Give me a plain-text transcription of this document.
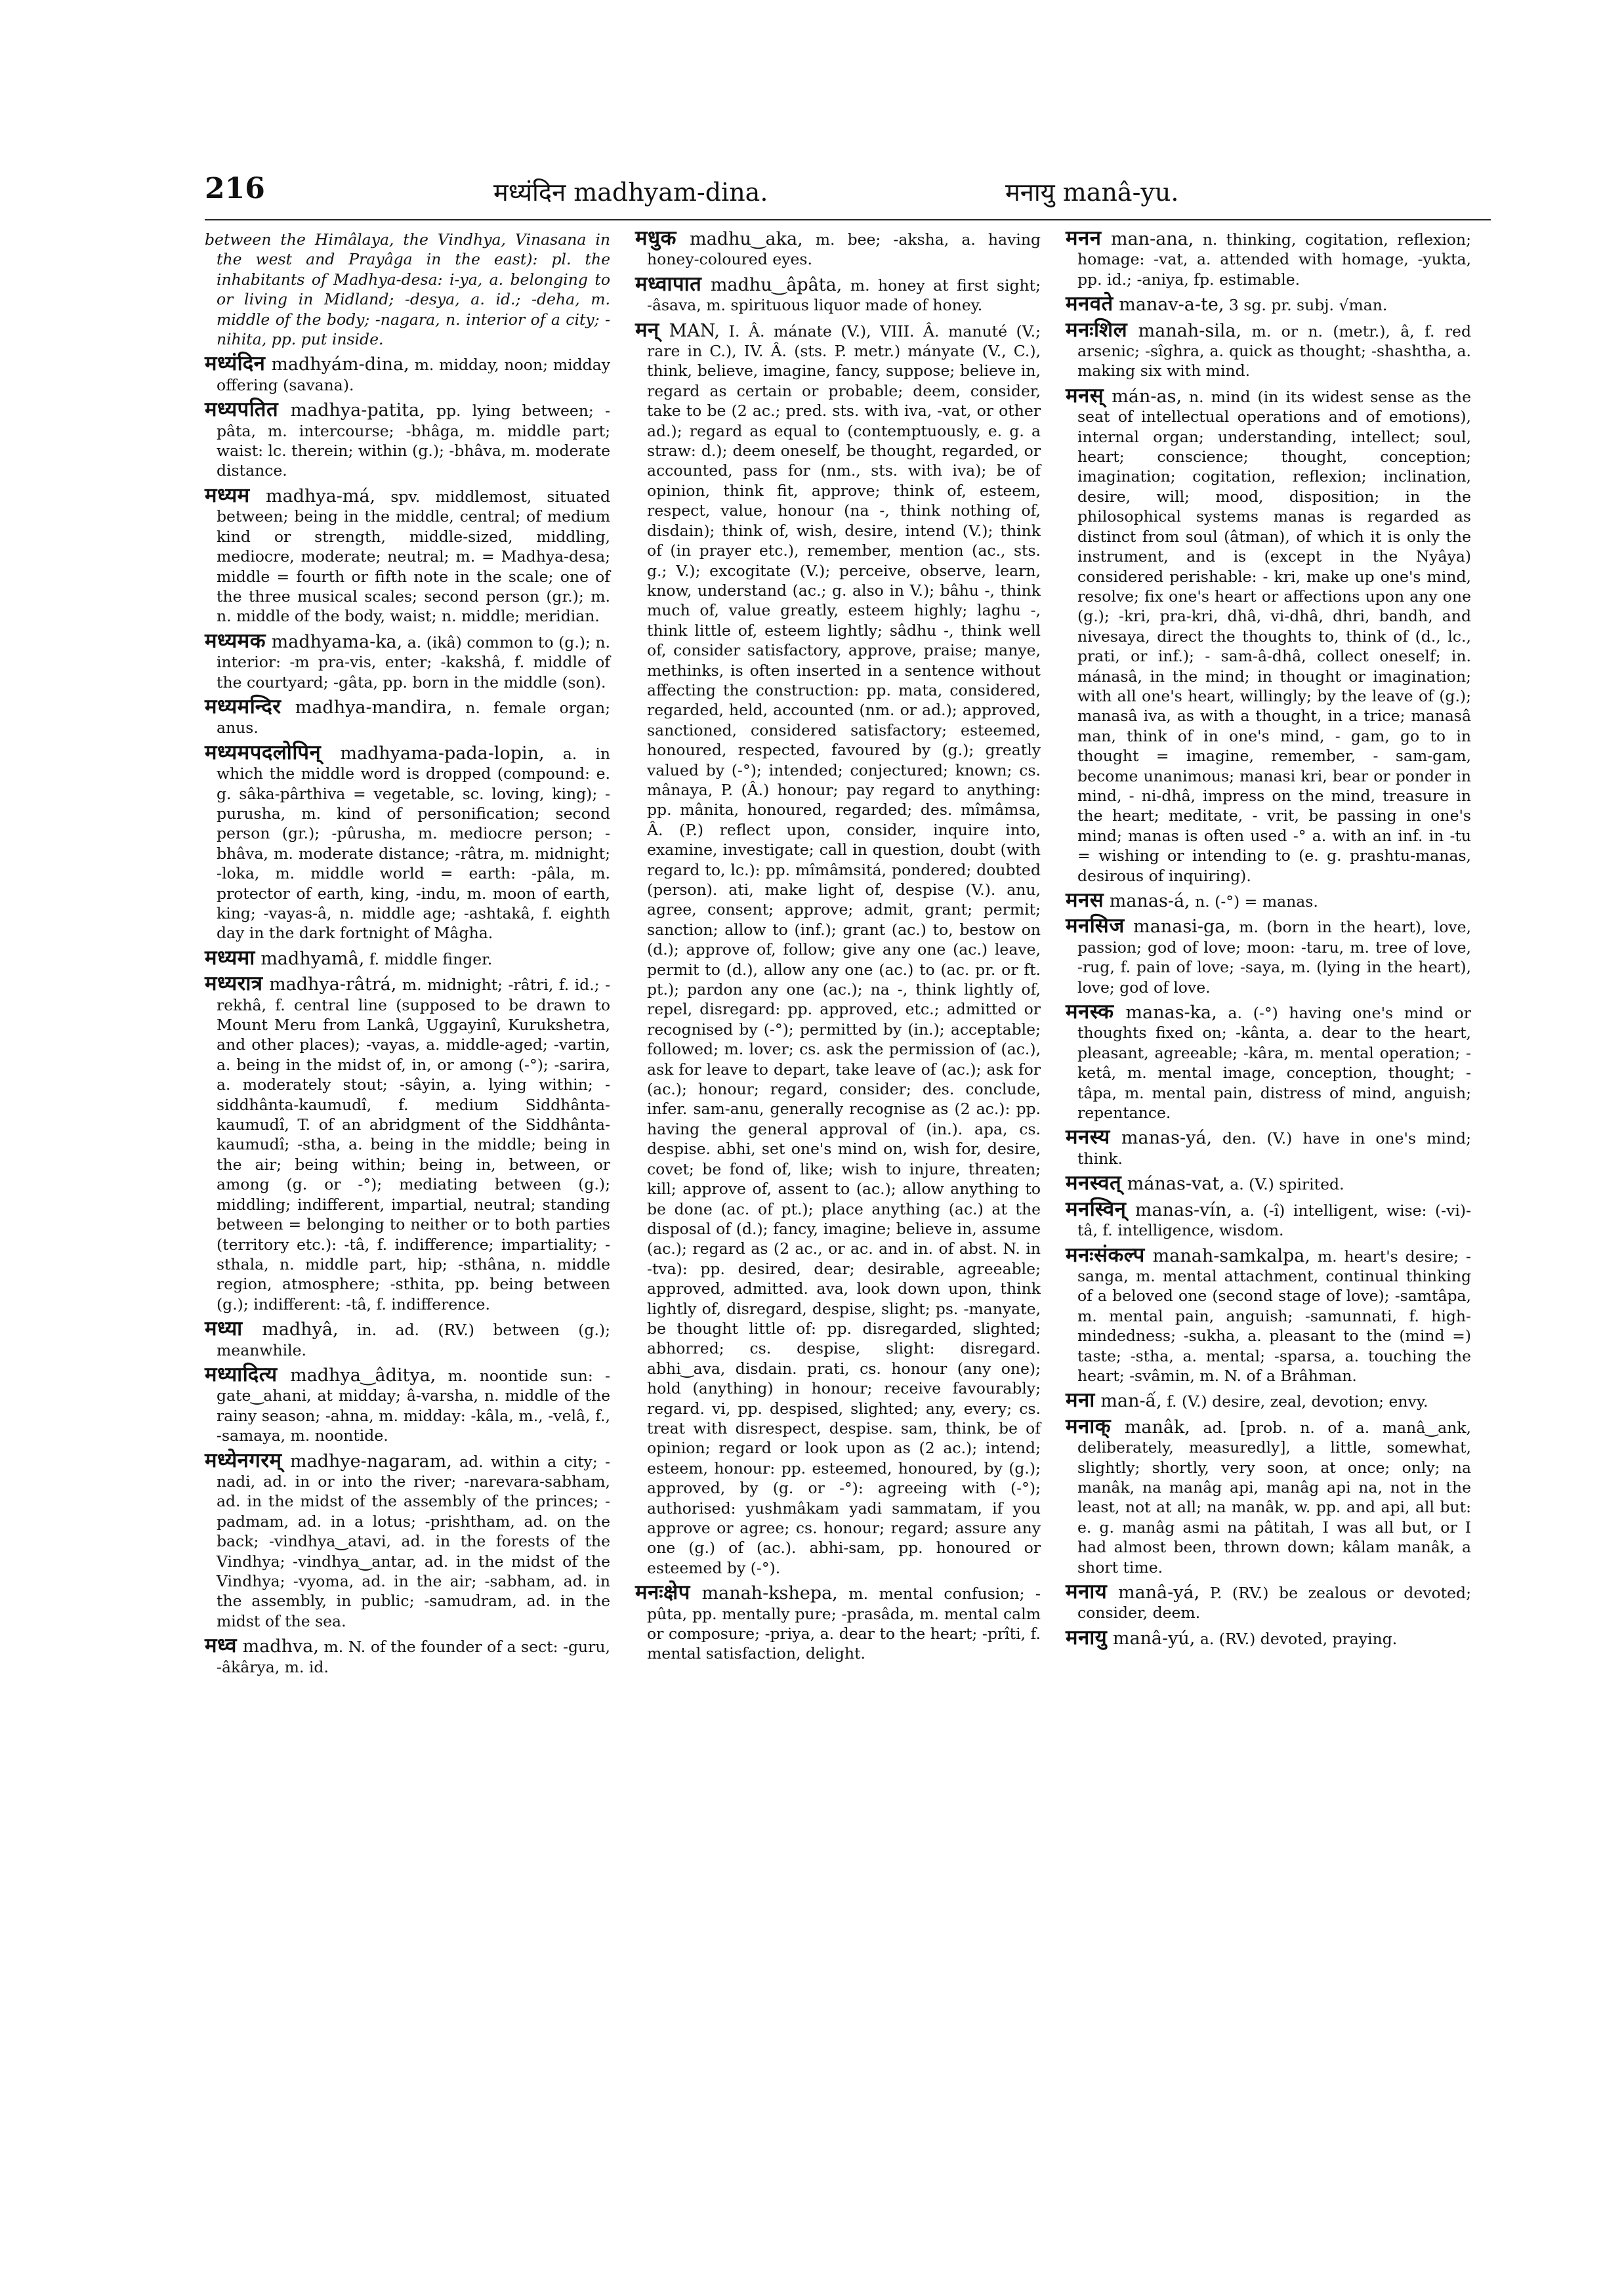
216	मध्यंदिन madhyam-dina.	मनायु manâ-yu.

between the Himâlaya, the Vindhya, Vinasana in the west and Prayâga in the east): pl. the inhabitants of Madhya-desa: i-ya, a. belonging to or living in Midland; -desya, a. id.; -deha, m. middle of the body; -nagara, n. interior of a city; -nihita, pp. put inside.

मध्यंदिन madhyám-dina, m. midday, noon; midday offering (savana).

मध्यपतित madhya-patita, pp. lying between; -pâta, m. intercourse; -bhâga, m. middle part; waist: lc. therein; within (g.); -bhâva, m. moderate distance.

मध्यम madhya-má, spv. middlemost, situated between; being in the middle, central; of medium kind or strength, middle-sized, middling, mediocre, moderate; neutral; m. = Madhya-desa; middle = fourth or fifth note in the scale; one of the three musical scales; second person (gr.); m. n. middle of the body, waist; n. middle; meridian.

मध्यमक madhyama-ka, a. (ikâ) common to (g.); n. interior: -m pra-vis, enter; -kakshâ, f. middle of the courtyard; -gâta, pp. born in the middle (son).

मध्यमन्दिर madhya-mandira, n. female organ; anus.

मध्यमपदलोपिन् madhyama-pada-lopin, a. in which the middle word is dropped (compound: e. g. sâka-pârthiva = vegetable, sc. loving, king); -purusha, m. kind of personification; second person (gr.); -pûrusha, m. mediocre person; -bhâva, m. moderate distance; -râtra, m. midnight; -loka, m. middle world = earth: -pâla, m. protector of earth, king, -indu, m. moon of earth, king; -vayas-â, n. middle age; -ashtakâ, f. eighth day in the dark fortnight of Mâgha.

मध्यमा madhyamâ, f. middle finger.

मध्यरात्र madhya-râtrá, m. midnight; -râtri, f. id.; -rekhâ, f. central line (supposed to be drawn to Mount Meru from Lankâ, Uggayinî, Kurukshetra, and other places); -vayas, a. middle-aged; -vartin, a. being in the midst of, in, or among (-°); -sarira, a. moderately stout; -sâyin, a. lying within; -siddhânta-kaumudî, f. medium Siddhânta-kaumudî, T. of an abridgment of the Siddhânta-kaumudî; -stha, a. being in the middle; being in the air; being within; being in, between, or among (g. or -°); mediating between (g.); middling; indifferent, impartial, neutral; standing between = belonging to neither or to both parties (territory etc.): -tâ, f. indifference; impartiality; -sthala, n. middle part, hip; -sthâna, n. middle region, atmosphere; -sthita, pp. being between (g.); indifferent: -tâ, f. indifference.

मध्या madhyâ, in. ad. (RV.) between (g.); meanwhile.

मध्यादित्य madhya‿âditya, m. noontide sun: -gate‿ahani, at midday; â-varsha, n. middle of the rainy season; -ahna, m. midday: -kâla, m., -velâ, f., -samaya, m. noontide.

मध्येनगरम् madhye-nagaram, ad. within a city; -nadi, ad. in or into the river; -narevara-sabham, ad. in the midst of the assembly of the princes; -padmam, ad. in a lotus; -prishtham, ad. on the back; -vindhya‿atavi, ad. in the forests of the Vindhya; -vindhya‿antar, ad. in the midst of the Vindhya; -vyoma, ad. in the air; -sabham, ad. in the assembly, in public; -samudram, ad. in the midst of the sea.

मध्व madhva, m. N. of the founder of a sect: -guru, -âkârya, m. id.

मधुक madhu‿aka, m. bee; -aksha, a. having honey-coloured eyes.

मध्वापात madhu‿âpâta, m. honey at first sight; -âsava, m. spirituous liquor made of honey.

मन् MAN, I. Â. mánate (V.), VIII. Â. manuté (V.; rare in C.), IV. Â. (sts. P. metr.) mányate (V., C.), think, believe, imagine, fancy, suppose; believe in, regard as certain or probable; deem, consider, take to be (2 ac.; pred. sts. with iva, -vat, or other ad.); regard as equal to (contemptuously, e. g. a straw: d.); deem oneself, be thought, regarded, or accounted, pass for (nm., sts. with iva); be of opinion, think fit, approve; think of, esteem, respect, value, honour (na -, think nothing of, disdain); think of, wish, desire, intend (V.); think of (in prayer etc.), remember, mention (ac., sts. g.; V.); excogitate (V.); perceive, observe, learn, know, understand (ac.; g. also in V.); bâhu -, think much of, value greatly, esteem highly; laghu -, think little of, esteem lightly; sâdhu -, think well of, consider satisfactory, approve, praise; manye, methinks, is often inserted in a sentence without affecting the construction: pp. mata, considered, regarded, held, accounted (nm. or ad.); approved, sanctioned, considered satisfactory; esteemed, honoured, respected, favoured by (g.); greatly valued by (-°); intended; conjectured; known; cs. mânaya, P. (Â.) honour; pay regard to anything: pp. mânita, honoured, regarded; des. mîmâmsa, Â. (P.) reflect upon, consider, inquire into, examine, investigate; call in question, doubt (with regard to, lc.): pp. mîmâmsitá, pondered; doubted (person). ati, make light of, despise (V.). anu, agree, consent; approve; admit, grant; permit; sanction; allow to (inf.); grant (ac.) to, bestow on (d.); approve of, follow; give any one (ac.) leave, permit to (d.), allow any one (ac.) to (ac. pr. or ft. pt.); pardon any one (ac.); na -, think lightly of, repel, disregard: pp. approved, etc.; admitted or recognised by (-°); permitted by (in.); acceptable; followed; m. lover; cs. ask the permission of (ac.), ask for leave to depart, take leave of (ac.); ask for (ac.); honour; regard, consider; des. conclude, infer. sam-anu, generally recognise as (2 ac.): pp. having the general approval of (in.). apa, cs. despise. abhi, set one's mind on, wish for, desire, covet; be fond of, like; wish to injure, threaten; kill; approve of, assent to (ac.); allow anything to be done (ac. of pt.); place anything (ac.) at the disposal of (d.); fancy, imagine; believe in, assume (ac.); regard as (2 ac., or ac. and in. of abst. N. in -tva): pp. desired, dear; desirable, agreeable; approved, admitted. ava, look down upon, think lightly of, disregard, despise, slight; ps. -manyate, be thought little of: pp. disregarded, slighted; abhorred; cs. despise, slight: disregard. abhi‿ava, disdain. prati, cs. honour (any one); hold (anything) in honour; receive favourably; regard. vi, pp. despised, slighted; any, every; cs. treat with disrespect, despise. sam, think, be of opinion; regard or look upon as (2 ac.); intend; esteem, honour: pp. esteemed, honoured, by (g.); approved, by (g. or -°): agreeing with (-°); authorised: yushmâkam yadi sammatam, if you approve or agree; cs. honour; regard; assure any one (g.) of (ac.). abhi-sam, pp. honoured or esteemed by (-°).

मनःक्षेप manah-kshepa, m. mental confusion; -pûta, pp. mentally pure; -prasâda, m. mental calm or composure; -priya, a. dear to the heart; -prîti, f. mental satisfaction, delight.

मनन man-ana, n. thinking, cogitation, reflexion; homage: -vat, a. attended with homage, -yukta, pp. id.; -aniya, fp. estimable.

मनवते manav-a-te, 3 sg. pr. subj. √man.

मनःशिल manah-sila, m. or n. (metr.), â, f. red arsenic; -sîghra, a. quick as thought; -shashtha, a. making six with mind.

मनस् mán-as, n. mind (in its widest sense as the seat of intellectual operations and of emotions), internal organ; understanding, intellect; soul, heart; conscience; thought, conception; imagination; cogitation, reflexion; inclination, desire, will; mood, disposition; in the philosophical systems manas is regarded as distinct from soul (âtman), of which it is only the instrument, and is (except in the Nyâya) considered perishable: - kri, make up one's mind, resolve; fix one's heart or affections upon any one (g.); -kri, pra-kri, dhâ, vi-dhâ, dhri, bandh, and nivesaya, direct the thoughts to, think of (d., lc., prati, or inf.); - sam-â-dhâ, collect oneself; in. mánasâ, in the mind; in thought or imagination; with all one's heart, willingly; by the leave of (g.); manasâ iva, as with a thought, in a trice; manasâ man, think of in one's mind, - gam, go to in thought = imagine, remember, - sam-gam, become unanimous; manasi kri, bear or ponder in mind, - ni-dhâ, impress on the mind, treasure in the heart; meditate, - vrit, be passing in one's mind; manas is often used -° a. with an inf. in -tu = wishing or intending to (e. g. prashtu-manas, desirous of inquiring).

मनस manas-á, n. (-°) = manas.

मनसिज manasi-ga, m. (born in the heart), love, passion; god of love; moon: -taru, m. tree of love, -rug, f. pain of love; -saya, m. (lying in the heart), love; god of love.

मनस्क manas-ka, a. (-°) having one's mind or thoughts fixed on; -kânta, a. dear to the heart, pleasant, agreeable; -kâra, m. mental operation; -ketâ, m. mental image, conception, thought; -tâpa, m. mental pain, distress of mind, anguish; repentance.

मनस्य manas-yá, den. (V.) have in one's mind; think.

मनस्वत् mánas-vat, a. (V.) spirited.

मनस्विन् manas-vín, a. (-î) intelligent, wise: (-vi)-tâ, f. intelligence, wisdom.

मनःसंकल्प manah-samkalpa, m. heart's desire; -sanga, m. mental attachment, continual thinking of a beloved one (second stage of love); -samtâpa, m. mental pain, anguish; -samunnati, f. high-mindedness; -sukha, a. pleasant to the (mind =) taste; -stha, a. mental; -sparsa, a. touching the heart; -svâmin, m. N. of a Brâhman.

मना man-ấ, f. (V.) desire, zeal, devotion; envy.

मनाक् manâk, ad. [prob. n. of a. manâ‿ank, deliberately, measuredly], a little, somewhat, slightly; shortly, very soon, at once; only; na manâk, na manâg api, manâg api na, not in the least, not at all; na manâk, w. pp. and api, all but: e. g. manâg asmi na pâtitah, I was all but, or I had almost been, thrown down; kâlam manâk, a short time.

मनाय manâ-yá, P. (RV.) be zealous or devoted; consider, deem.

मनायु manâ-yú, a. (RV.) devoted, praying.
